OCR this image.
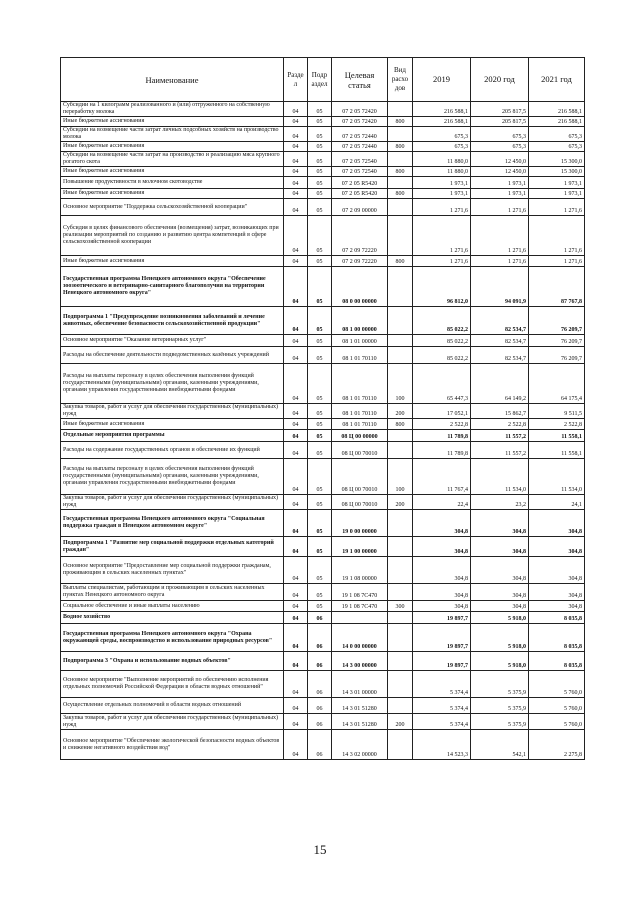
Наименование	Разде л	Подр аздел	Целевая статья	Вид расхо дов	2019	2020 год	2021 год
Субсидии на 1 килограмм реализованного и (или) отгруженного на собственную переработку молока	04	05	07 2 05 72420		216 588,1	205 817,5	216 588,1
Иные бюджетные ассигнования	04	05	07 2 05 72420	800	216 588,1	205 817,5	216 588,1
Субсидии на возмещение части затрат личных подсобных хозяйств на производство молока	04	05	07 2 05 72440		675,3	675,3	675,3
Иные бюджетные ассигнования	04	05	07 2 05 72440	800	675,3	675,3	675,3
Субсидии на возмещение части затрат на производство и реализацию мяса крупного рогатого скота	04	05	07 2 05 72540		11 880,0	12 450,0	15 300,0
Иные бюджетные ассигнования	04	05	07 2 05 72540	800	11 880,0	12 450,0	15 300,0
Повышение продуктивности в молочном скотоводстве	04	05	07 2 05 R5420		1 973,1	1 973,1	1 973,1
Иные бюджетные ассигнования	04	05	07 2 05 R5420	800	1 973,1	1 973,1	1 973,1
Основное мероприятие "Поддержка сельскохозяйственной кооперации"	04	05	07 2 09 00000		1 271,6	1 271,6	1 271,6
Субсидия в целях финансового обеспечения (возмещения) затрат, возникающих при реализации мероприятий по созданию и развитию центра компетенций в сфере сельскохозяйственной кооперации	04	05	07 2 09 72220		1 271,6	1 271,6	1 271,6
Иные бюджетные ассигнования	04	05	07 2 09 72220	800	1 271,6	1 271,6	1 271,6
Государственная программа Ненецкого автономного округа "Обеспечение зоозоотического и ветеринарно-санитарного благополучия на территории Ненецкого автономного округа"	04	05	08 0 00 00000		96 812,0	94 091,9	87 767,8
Подпрограмма 1 "Предупреждение возникновения заболеваний и лечение животных, обеспечение безопасности сельскохозяйственной продукции"	04	05	08 1 00 00000		85 022,2	82 534,7	76 209,7
Основное мероприятие "Оказание ветеринарных услуг"	04	05	08 1 01 00000		85 022,2	82 534,7	76 209,7
Расходы на обеспечение деятельности подведомственных казённых учреждений	04	05	08 1 01 70110		85 022,2	82 534,7	76 209,7
Расходы на выплаты персоналу в целях обеспечения выполнения функций государственными (муниципальными) органами, казенными учреждениями, органами управления государственными внебюджетными фондами	04	05	08 1 01 70110	100	65 447,3	64 149,2	64 175,4
Закупка товаров, работ и услуг для обеспечения государственных (муниципальных) нужд	04	05	08 1 01 70110	200	17 052,1	15 862,7	9 511,5
Иные бюджетные ассигнования	04	05	08 1 01 70110	800	2 522,8	2 522,8	2 522,8
Отдельные мероприятия программы	04	05	08 Ц 00 00000		11 789,8	11 557,2	11 558,1
Расходы на содержание государственных органов и обеспечение их функций	04	05	08 Ц 00 70010		11 789,8	11 557,2	11 558,1
Расходы на выплаты персоналу в целях обеспечения выполнения функций государственными (муниципальными) органами, казенными учреждениями, органами управления государственными внебюджетными фондами	04	05	08 Ц 00 70010	100	11 767,4	11 534,0	11 534,0
Закупка товаров, работ и услуг для обеспечения государственных (муниципальных) нужд	04	05	08 Ц 00 70010	200	22,4	23,2	24,1
Государственная программа Ненецкого автономного округа "Социальная поддержка граждан в Ненецком автономном округе"	04	05	19 0 00 00000		304,8	304,8	304,8
Подпрограмма 1 "Развитие мер социальной поддержки отдельных категорий граждан"	04	05	19 1 00 00000		304,8	304,8	304,8
Основное мероприятие "Предоставление мер социальной поддержки гражданам, проживающим в сельских населенных пунктах"	04	05	19 1 08 00000		304,8	304,8	304,8
Выплаты специалистам, работающим и проживающим в сельских населенных пунктах Ненецкого автономного округа	04	05	19 1 08 7С470		304,8	304,8	304,8
Социальное обеспечение и иные выплаты населению	04	05	19 1 08 7С470	300	304,8	304,8	304,8
Водное хозяйство	04	06			19 897,7	5 918,0	8 035,8
Государственная программа Ненецкого автономного округа "Охрана окружающей среды, воспроизводство и использование природных ресурсов"	04	06	14 0 00 00000		19 897,7	5 918,0	8 035,8
Подпрограмма 3 "Охрана и использование водных объектов"	04	06	14 3 00 00000		19 897,7	5 918,0	8 035,8
Основное мероприятие "Выполнение мероприятий по обеспечению исполнения отдельных полномочий Российской Федерации в области водных отношений"	04	06	14 3 01 00000		5 374,4	5 375,9	5 760,0
Осуществление отдельных полномочий в области водных отношений	04	06	14 3 01 51280		5 374,4	5 375,9	5 760,0
Закупка товаров, работ и услуг для обеспечения государственных (муниципальных) нужд	04	06	14 3 01 51280	200	5 374,4	5 375,9	5 760,0
Основное мероприятие "Обеспечение экологической безопасности водных объектов и снижение негативного воздействия вод"	04	06	14 3 02 00000		14 523,3	542,1	2 275,8
15
